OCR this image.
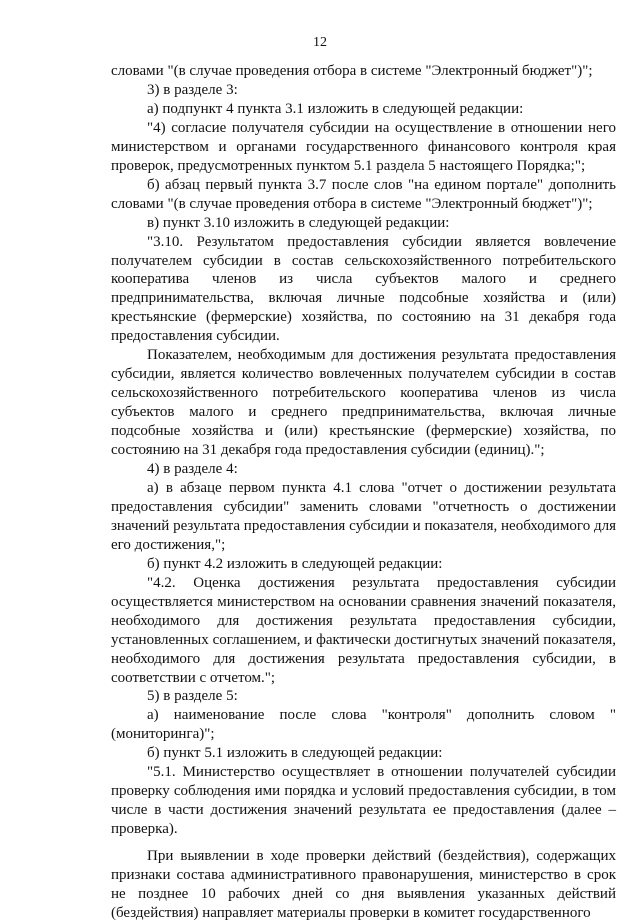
12

словами "(в случае проведения отбора в системе "Электронный бюджет")";

3) в разделе 3:

а) подпункт 4 пункта 3.1 изложить в следующей редакции:

"4) согласие получателя субсидии на осуществление в отношении него министерством и органами государственного финансового контроля края проверок, предусмотренных пунктом 5.1 раздела 5 настоящего Порядка;";

б) абзац первый пункта 3.7 после слов "на едином портале" дополнить словами "(в случае проведения отбора в системе "Электронный бюджет")";

в) пункт 3.10 изложить в следующей редакции:

"3.10. Результатом предоставления субсидии является вовлечение получателем субсидии в состав сельскохозяйственного потребительского кооператива членов из числа субъектов малого и среднего предпринимательства, включая личные подсобные хозяйства и (или) крестьянские (фермерские) хозяйства, по состоянию на 31 декабря года предоставления субсидии.

Показателем, необходимым для достижения результата предоставления субсидии, является количество вовлеченных получателем субсидии в состав сельскохозяйственного потребительского кооператива членов из числа субъектов малого и среднего предпринимательства, включая личные подсобные хозяйства и (или) крестьянские (фермерские) хозяйства, по состоянию на 31 декабря года предоставления субсидии (единиц).";

4) в разделе 4:

а) в абзаце первом пункта 4.1 слова "отчет о достижении результата предоставления субсидии" заменить словами "отчетность о достижении значений результата предоставления субсидии и показателя, необходимого для его достижения,";

б) пункт 4.2 изложить в следующей редакции:

"4.2. Оценка достижения результата предоставления субсидии осуществляется министерством на основании сравнения значений показателя, необходимого для достижения результата предоставления субсидии, установленных соглашением, и фактически достигнутых значений показателя, необходимого для достижения результата предоставления субсидии, в соответствии с отчетом.";

5) в разделе 5:

а) наименование после слова "контроля" дополнить словом "(мониторинга)";

б) пункт 5.1 изложить в следующей редакции:

"5.1. Министерство осуществляет в отношении получателей субсидии проверку соблюдения ими порядка и условий предоставления субсидии, в том числе в части достижения значений результата ее предоставления (далее – проверка).

При выявлении в ходе проверки действий (бездействия), содержащих признаки состава административного правонарушения, министерство в срок не позднее 10 рабочих дней со дня выявления указанных действий (бездействия) направляет материалы проверки в комитет государственного
